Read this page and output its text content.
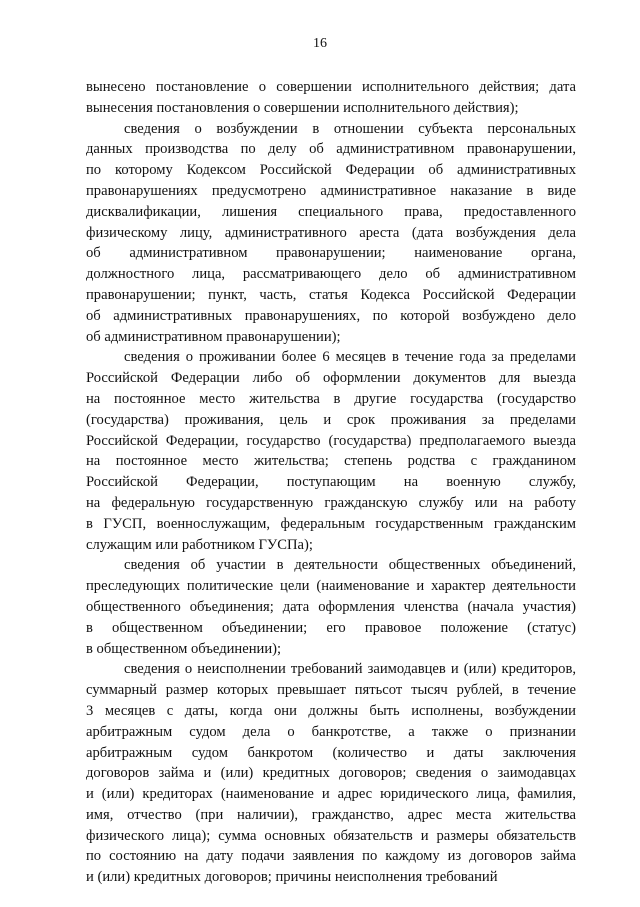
16
вынесено постановление о совершении исполнительного действия; дата
вынесения постановления о совершении исполнительного действия);
сведения о возбуждении в отношении субъекта персональных
данных производства по делу об административном правонарушении,
по которому Кодексом Российской Федерации об административных
правонарушениях предусмотрено административное наказание в виде
дисквалификации, лишения специального права, предоставленного
физическому лицу, административного ареста (дата возбуждения дела
об административном правонарушении; наименование органа,
должностного лица, рассматривающего дело об административном
правонарушении; пункт, часть, статья Кодекса Российской Федерации
об административных правонарушениях, по которой возбуждено дело
об административном правонарушении);
сведения о проживании более 6 месяцев в течение года за пределами
Российской Федерации либо об оформлении документов для выезда
на постоянное место жительства в другие государства (государство
(государства) проживания, цель и срок проживания за пределами
Российской Федерации, государство (государства) предполагаемого выезда
на постоянное место жительства; степень родства с гражданином
Российской Федерации, поступающим на военную службу,
на федеральную государственную гражданскую службу или на работу
в ГУСП, военнослужащим, федеральным государственным гражданским
служащим или работником ГУСПа);
сведения об участии в деятельности общественных объединений,
преследующих политические цели (наименование и характер деятельности
общественного объединения; дата оформления членства (начала участия)
в общественном объединении; его правовое положение (статус)
в общественном объединении);
сведения о неисполнении требований заимодавцев и (или) кредиторов,
суммарный размер которых превышает пятьсот тысяч рублей, в течение
3 месяцев с даты, когда они должны быть исполнены, возбуждении
арбитражным судом дела о банкротстве, а также о признании
арбитражным судом банкротом (количество и даты заключения
договоров займа и (или) кредитных договоров; сведения о заимодавцах
и (или) кредиторах (наименование и адрес юридического лица, фамилия,
имя, отчество (при наличии), гражданство, адрес места жительства
физического лица); сумма основных обязательств и размеры обязательств
по состоянию на дату подачи заявления по каждому из договоров займа
и (или) кредитных договоров; причины неисполнения требований
